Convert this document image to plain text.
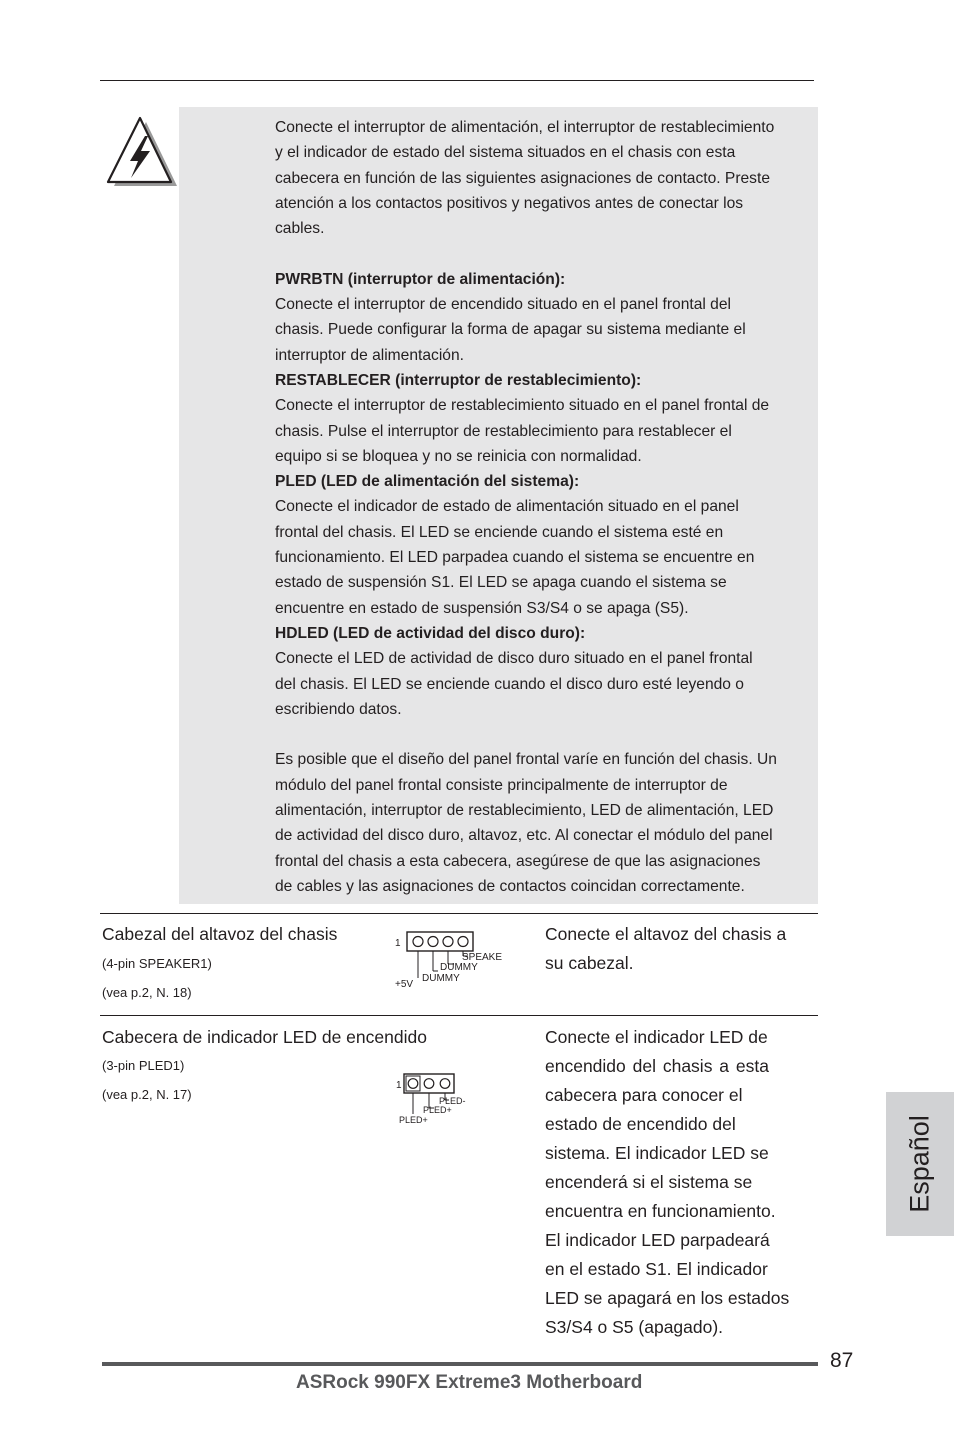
Conecte el interruptor de alimentación, el interruptor de restablecimiento

y el indicador de estado del sistema situados en el chasis con esta

cabecera en función de las siguientes asignaciones de contacto. Preste

atención a los contactos positivos y negativos antes de conectar los

cables.

PWRBTN (interruptor de alimentación):

Conecte el interruptor de encendido situado en el panel frontal del

chasis. Puede configurar la forma de apagar su sistema mediante el

interruptor de alimentación.

RESTABLECER (interruptor de restablecimiento):

Conecte el interruptor de restablecimiento situado en el panel frontal de

chasis. Pulse el interruptor de restablecimiento para restablecer el

equipo si se bloquea y no se reinicia con normalidad.

PLED (LED de alimentación del sistema):

Conecte el indicador de estado de alimentación situado en el panel

frontal del chasis. El LED se enciende cuando el sistema esté en

funcionamiento. El LED parpadea cuando el sistema se encuentre en

estado de suspensión S1. El LED se apaga cuando el sistema se

encuentre en estado de suspensión S3/S4 o se apaga (S5).

HDLED (LED de actividad del disco duro):

Conecte el LED de actividad de disco duro situado en el panel frontal

del chasis. El LED se enciende cuando el disco duro esté leyendo o

escribiendo datos.

Es posible que el diseño del panel frontal varíe en función del chasis. Un

módulo del panel frontal consiste principalmente de interruptor de

alimentación, interruptor de restablecimiento, LED de alimentación, LED

de actividad del disco duro, altavoz, etc. Al conectar el módulo del panel

frontal del chasis a esta cabecera, asegúrese de que las asignaciones

de cables y las asignaciones de contactos coincidan correctamente.

Cabezal del altavoz del chasis
(4-pin SPEAKER1)
(vea p.2, N. 18)
1
SPEAKE
DUMMY
DUMMY
+5V
Conecte el altavoz del chasis a
su cabezal.
Cabecera de indicador LED de encendido
(3-pin PLED1)
(vea p.2, N. 17)
1
PLED-
PLED+
PLED+
Conecte el indicador LED de
encendido del chasis a esta
cabecera para conocer el
estado de encendido del
sistema. El indicador LED se
encenderá si el sistema se
encuentra en funcionamiento.
El indicador LED parpadeará
en el estado S1. El indicador
LED se apagará en los estados
S3/S4 o S5 (apagado).
Español
87
ASRock 990FX Extreme3 Motherboard
